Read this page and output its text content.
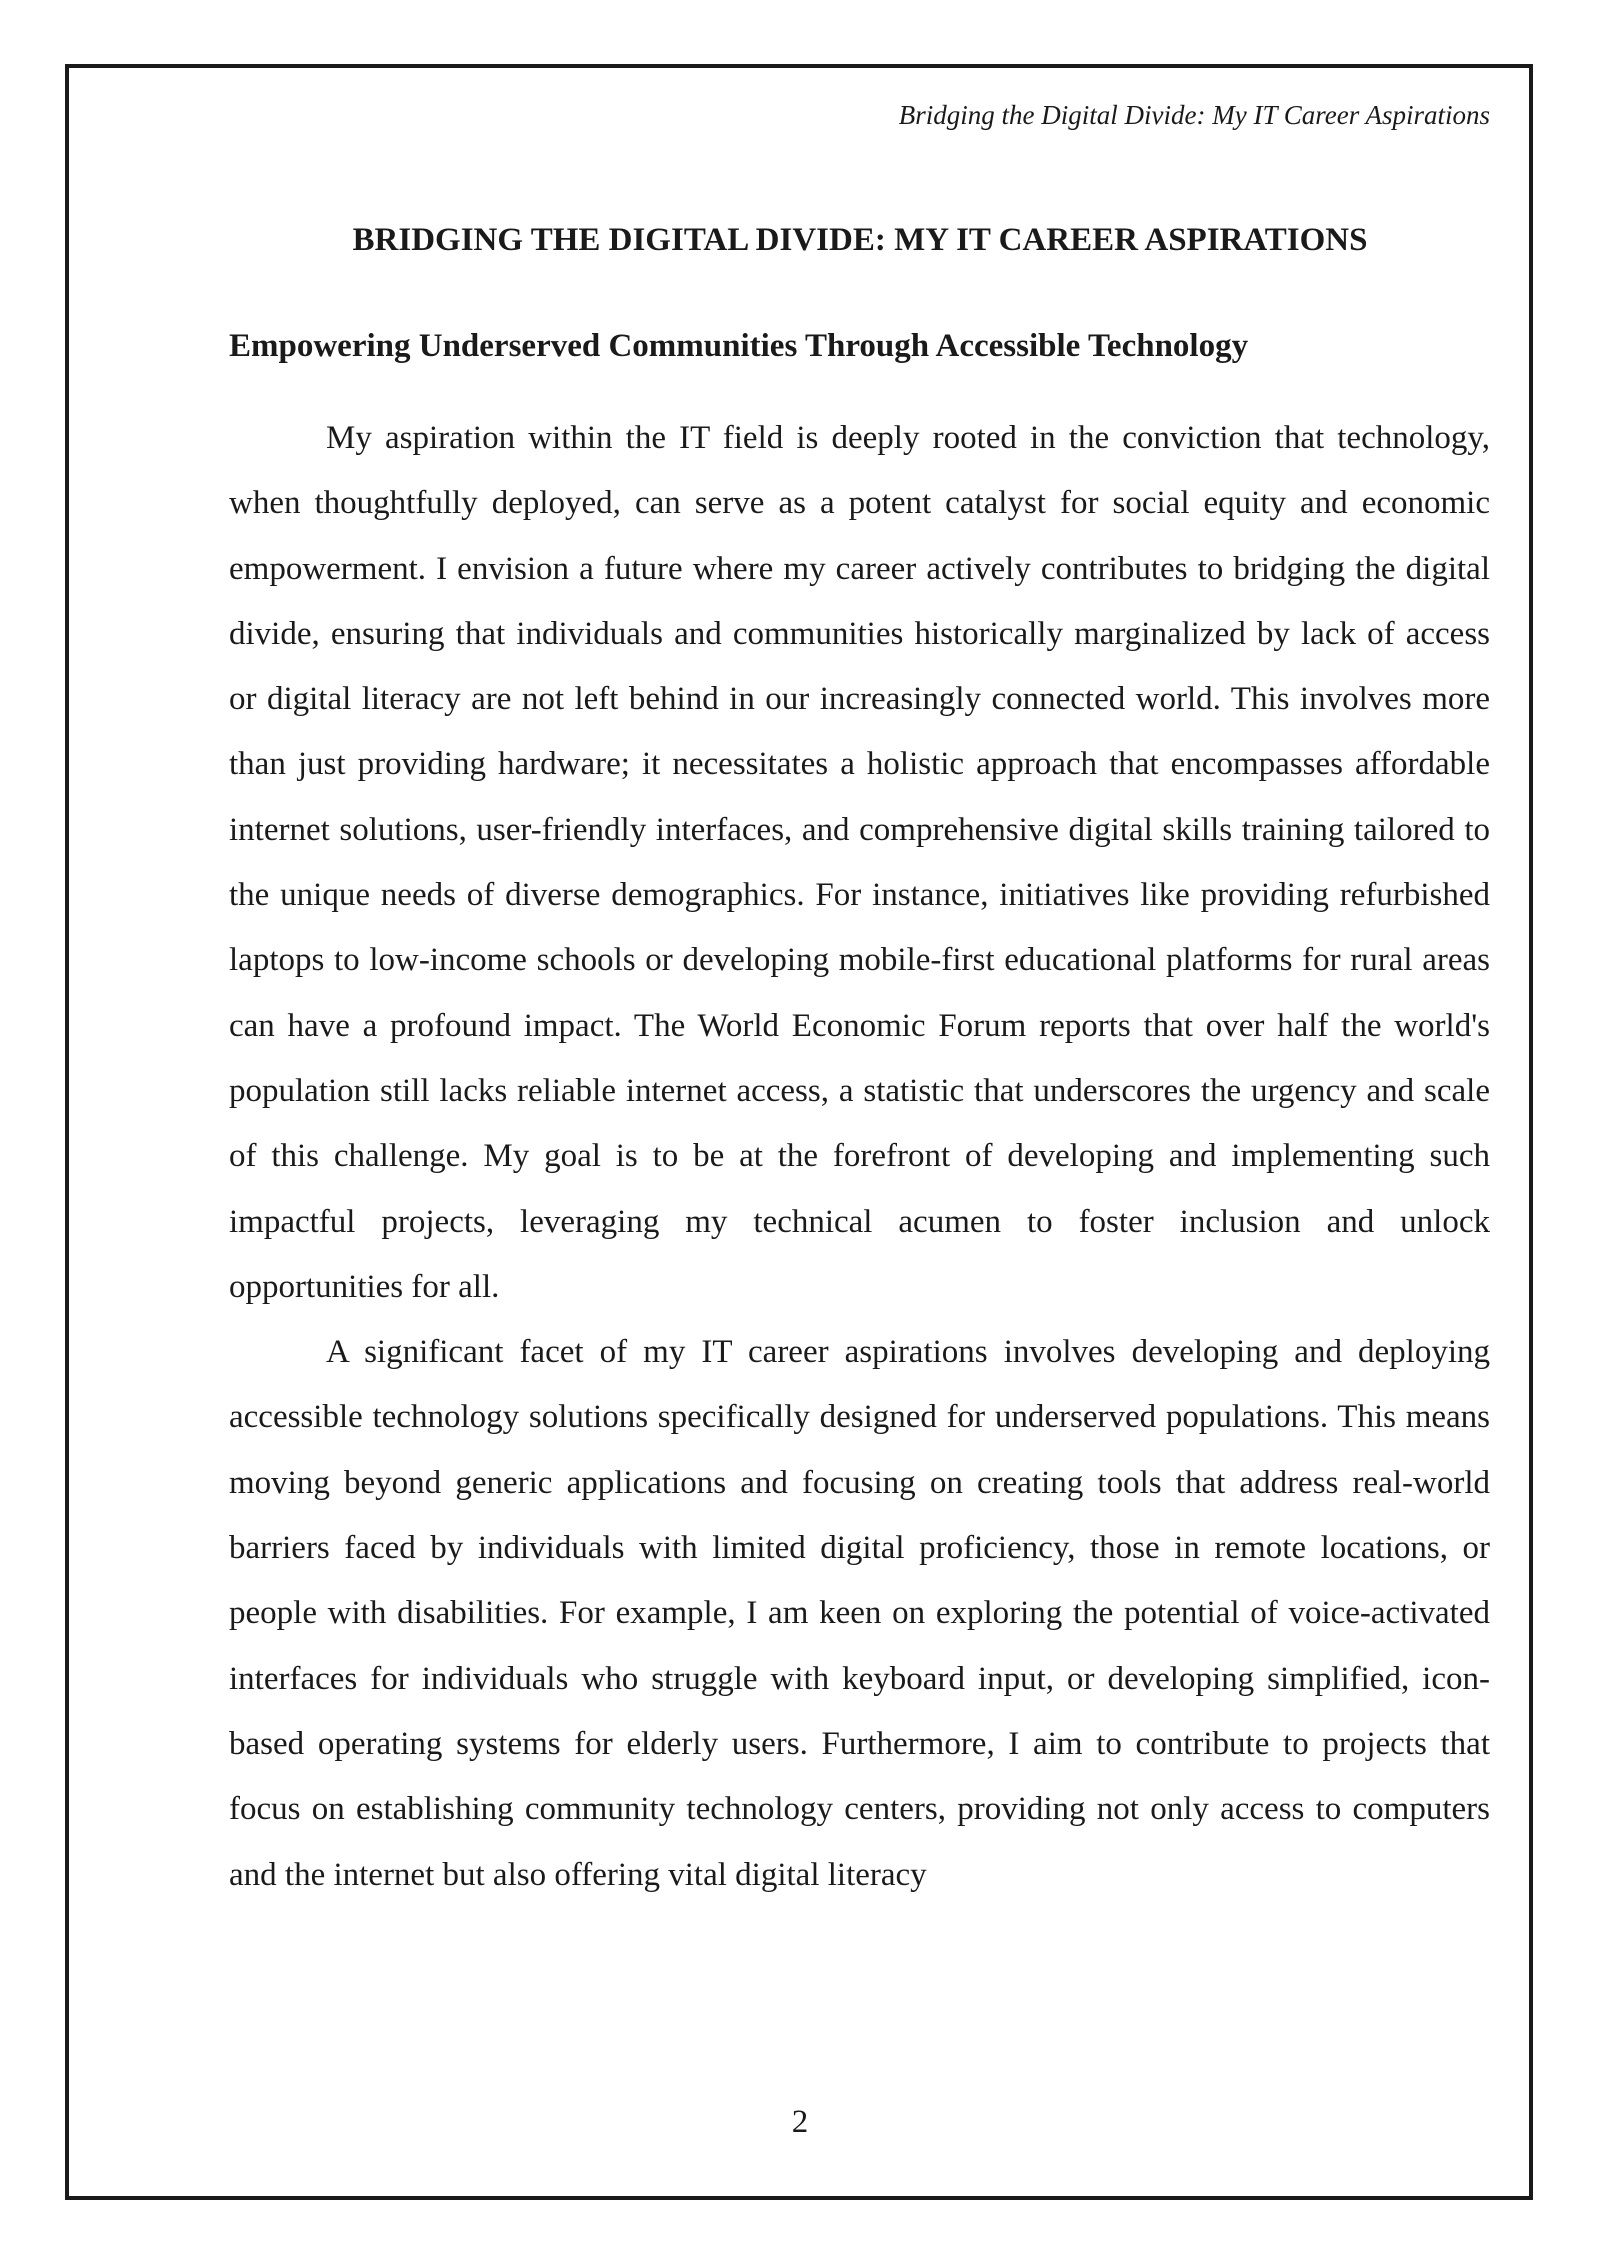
Bridging the Digital Divide: My IT Career Aspirations

BRIDGING THE DIGITAL DIVIDE: MY IT CAREER ASPIRATIONS
Empowering Underserved Communities Through Accessible Technology

My aspiration within the IT field is deeply rooted in the conviction that technology, when thoughtfully deployed, can serve as a potent catalyst for social equity and economic empowerment. I envision a future where my career actively contributes to bridging the digital divide, ensuring that individuals and communities historically marginalized by lack of access or digital literacy are not left behind in our increasingly connected world. This involves more than just providing hardware; it necessitates a holistic approach that encompasses affordable internet solutions, user-friendly interfaces, and comprehensive digital skills training tailored to the unique needs of diverse demographics. For instance, initiatives like providing refurbished laptops to low-income schools or developing mobile-first educational platforms for rural areas can have a profound impact. The World Economic Forum reports that over half the world's population still lacks reliable internet access, a statistic that underscores the urgency and scale of this challenge. My goal is to be at the forefront of developing and implementing such impactful projects, leveraging my technical acumen to foster inclusion and unlock opportunities for all.

A significant facet of my IT career aspirations involves developing and deploying accessible technology solutions specifically designed for underserved populations. This means moving beyond generic applications and focusing on creating tools that address real-world barriers faced by individuals with limited digital proficiency, those in remote locations, or people with disabilities. For example, I am keen on exploring the potential of voice-activated interfaces for individuals who struggle with keyboard input, or developing simplified, icon-based operating systems for elderly users. Furthermore, I aim to contribute to projects that focus on establishing community technology centers, providing not only access to computers and the internet but also offering vital digital literacy

2
